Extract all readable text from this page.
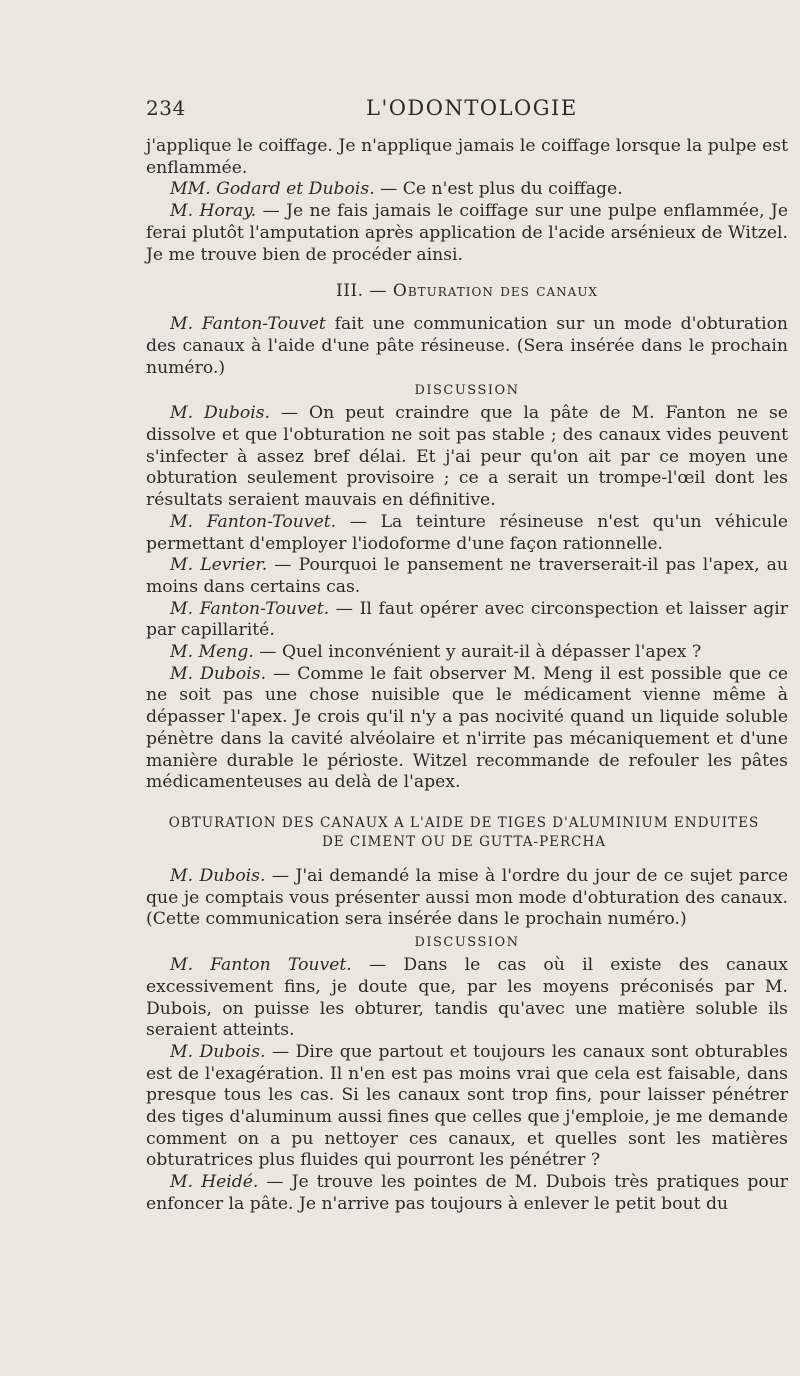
234	L'ODONTOLOGIE

j'applique le coiffage. Je n'applique jamais le coiffage lorsque la pulpe est enflammée.

MM. Godard et Dubois. — Ce n'est plus du coiffage.

M. Horay. — Je ne fais jamais le coiffage sur une pulpe enflammée, Je ferai plutôt l'amputation après application de l'acide arsénieux de Witzel. Je me trouve bien de procéder ainsi.

III. — Obturation des canaux

M. Fanton-Touvet fait une communication sur un mode d'obturation des canaux à l'aide d'une pâte résineuse. (Sera insérée dans le prochain numéro.)

DISCUSSION

M. Dubois. — On peut craindre que la pâte de M. Fanton ne se dissolve et que l'obturation ne soit pas stable ; des canaux vides peuvent s'infecter à assez bref délai. Et j'ai peur qu'on ait par ce moyen une obturation seulement provisoire ; ce a serait un trompe-l'œil dont les résultats seraient mauvais en définitive.

M. Fanton-Touvet. — La teinture résineuse n'est qu'un véhicule permettant d'employer l'iodoforme d'une façon rationnelle.

M. Levrier. — Pourquoi le pansement ne traverserait-il pas l'apex, au moins dans certains cas.

M. Fanton-Touvet. — Il faut opérer avec circonspection et laisser agir par capillarité.

M. Meng. — Quel inconvénient y aurait-il à dépasser l'apex ?

M. Dubois. — Comme le fait observer M. Meng il est possible que ce ne soit pas une chose nuisible que le médicament vienne même à dépasser l'apex. Je crois qu'il n'y a pas nocivité quand un liquide soluble pénètre dans la cavité alvéolaire et n'irrite pas mécaniquement et d'une manière durable le périoste. Witzel recommande de refouler les pâtes médicamenteuses au delà de l'apex.

OBTURATION DES CANAUX A L'AIDE DE TIGES D'ALUMINIUM ENDUITES
DE CIMENT OU DE GUTTA-PERCHA

M. Dubois. — J'ai demandé la mise à l'ordre du jour de ce sujet parce que je comptais vous présenter aussi mon mode d'obturation des canaux. (Cette communication sera insérée dans le prochain numéro.)

DISCUSSION

M. Fanton Touvet. — Dans le cas où il existe des canaux excessivement fins, je doute que, par les moyens préconisés par M. Dubois, on puisse les obturer, tandis qu'avec une matière soluble ils seraient atteints.

M. Dubois. — Dire que partout et toujours les canaux sont obturables est de l'exagération. Il n'en est pas moins vrai que cela est faisable, dans presque tous les cas. Si les canaux sont trop fins, pour laisser pénétrer des tiges d'aluminum aussi fines que celles que j'emploie, je me demande comment on a pu nettoyer ces canaux, et quelles sont les matières obturatrices plus fluides qui pourront les pénétrer ?

M. Heidé. — Je trouve les pointes de M. Dubois très pratiques pour enfoncer la pâte. Je n'arrive pas toujours à enlever le petit bout du
